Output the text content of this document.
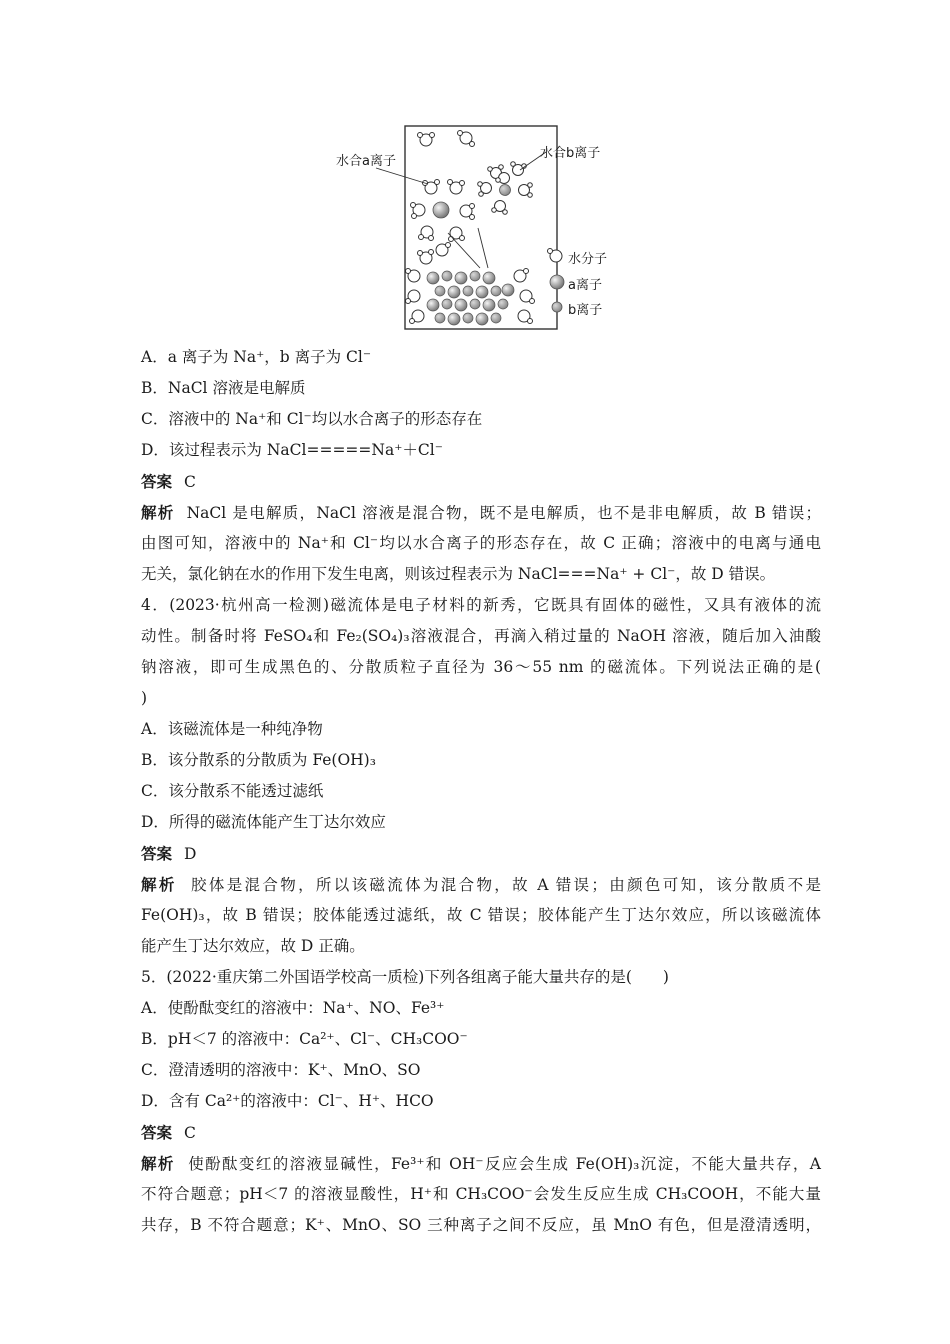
水合a离子
水合b离子
水分子
a离子
b离子
A．a 离子为 Na⁺，b 离子为 Cl⁻
B．NaCl 溶液是电解质
C．溶液中的 Na⁺和 Cl⁻均以水合离子的形态存在
D．该过程表示为 NaCl=====Na⁺＋Cl⁻
答案 C
解析 NaCl 是电解质，NaCl 溶液是混合物，既不是电解质，也不是非电解质，故 B 错误；
由图可知，溶液中的 Na⁺和 Cl⁻均以水合离子的形态存在，故 C 正确；溶液中的电离与通电
无关，氯化钠在水的作用下发生电离，则该过程表示为 NaCl===Na⁺ + Cl⁻，故 D 错误。
4．(2023·杭州高一检测)磁流体是电子材料的新秀，它既具有固体的磁性，又具有液体的流
动性。制备时将 FeSO₄和 Fe₂(SO₄)₃溶液混合，再滴入稍过量的 NaOH 溶液，随后加入油酸
钠溶液，即可生成黑色的、分散质粒子直径为 36～55 nm 的磁流体。下列说法正确的是(
)
A．该磁流体是一种纯净物
B．该分散系的分散质为 Fe(OH)₃
C．该分散系不能透过滤纸
D．所得的磁流体能产生丁达尔效应
答案 D
解析 胶体是混合物，所以该磁流体为混合物，故 A 错误；由颜色可知，该分散质不是
Fe(OH)₃，故 B 错误；胶体能透过滤纸，故 C 错误；胶体能产生丁达尔效应，所以该磁流体
能产生丁达尔效应，故 D 正确。
5．(2022·重庆第二外国语学校高一质检)下列各组离子能大量共存的是(　　)
A．使酚酞变红的溶液中：Na⁺、NO、Fe³⁺
B．pH＜7 的溶液中：Ca²⁺、Cl⁻、CH₃COO⁻
C．澄清透明的溶液中：K⁺、MnO、SO
D．含有 Ca²⁺的溶液中：Cl⁻、H⁺、HCO
答案 C
解析 使酚酞变红的溶液显碱性，Fe³⁺和 OH⁻反应会生成 Fe(OH)₃沉淀，不能大量共存，A
不符合题意；pH＜7 的溶液显酸性，H⁺和 CH₃COO⁻会发生反应生成 CH₃COOH，不能大量
共存，B 不符合题意；K⁺、MnO、SO 三种离子之间不反应，虽 MnO 有色，但是澄清透明，
